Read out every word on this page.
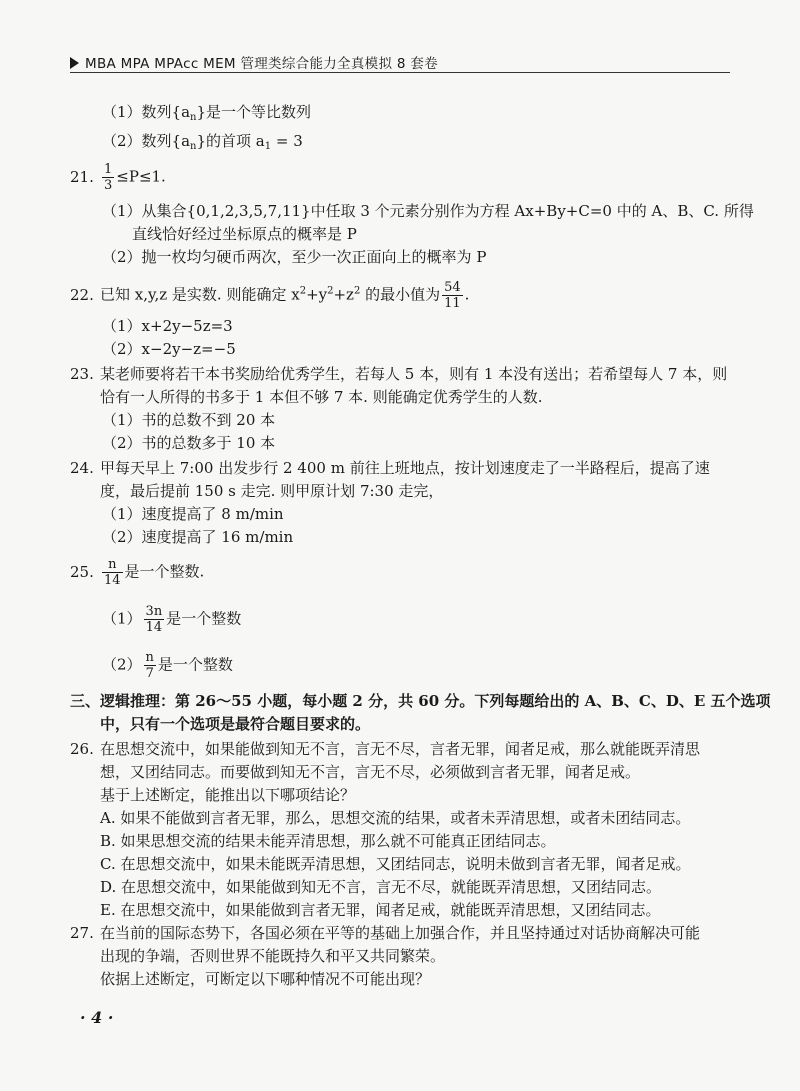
MBA MPA MPAcc MEM 管理类综合能力全真模拟 8 套卷
（1）数列$\{a_n\}$是一个等比数列
（2）数列$\{a_n\}$的首项 $a_1 = 3$
21. $\frac{1}{3} \le P\le 1$.
（1）从集合{0,1,2,3,5,7,11}中任取 3 个元素分别作为方程 Ax+By+C=0 中的 A、B、C. 所得
直线恰好经过坐标原点的概率是 P
（2）抛一枚均匀硬币两次，至少一次正面向上的概率为 P
22. 已知 x,y,z 是实数. 则能确定 $x^2+y^2+z^2$ 的最小值为 $\frac{54}{11}$ .
（1）x+2y−5z=3
（2）x−2y−z=−5
23. 某老师要将若干本书奖励给优秀学生，若每人 5 本，则有 1 本没有送出；若希望每人 7 本，则
恰有一人所得的书多于 1 本但不够 7 本. 则能确定优秀学生的人数.
（1）书的总数不到 20 本
（2）书的总数多于 10 本
24. 甲每天早上 7:00 出发步行 2 400 m 前往上班地点，按计划速度走了一半路程后，提高了速
度，最后提前 150 s 走完. 则甲原计划 7:30 走完，
（1）速度提高了 8 m/min
（2）速度提高了 16 m/min
25. $\frac{n}{14}$ 是一个整数.
$(1) \frac{3n}{14}$ 是一个整数
$(2) \frac{n}{7}$ 是一个整数
三、逻辑推理：第 26～55 小题，每小题 2 分，共 60 分。下列每题给出的 A、B、C、D、E 五个选项
中，只有一个选项是最符合题目要求的。
26. 在思想交流中，如果能做到知无不言，言无不尽，言者无罪，闻者足戒，那么就能既弄清思
想，又团结同志。而要做到知无不言，言无不尽，必须做到言者无罪，闻者足戒。
基于上述断定，能推出以下哪项结论？
A. 如果不能做到言者无罪，那么，思想交流的结果，或者未弄清思想，或者未团结同志。
B. 如果思想交流的结果未能弄清思想，那么就不可能真正团结同志。
C. 在思想交流中，如果未能既弄清思想，又团结同志，说明未做到言者无罪，闻者足戒。
D. 在思想交流中，如果能做到知无不言，言无不尽，就能既弄清思想，又团结同志。
E. 在思想交流中，如果能做到言者无罪，闻者足戒，就能既弄清思想，又团结同志。
27. 在当前的国际态势下，各国必须在平等的基础上加强合作，并且坚持通过对话协商解决可能
出现的争端，否则世界不能既持久和平又共同繁荣。
依据上述断定，可断定以下哪种情况不可能出现？
· 4 ·
